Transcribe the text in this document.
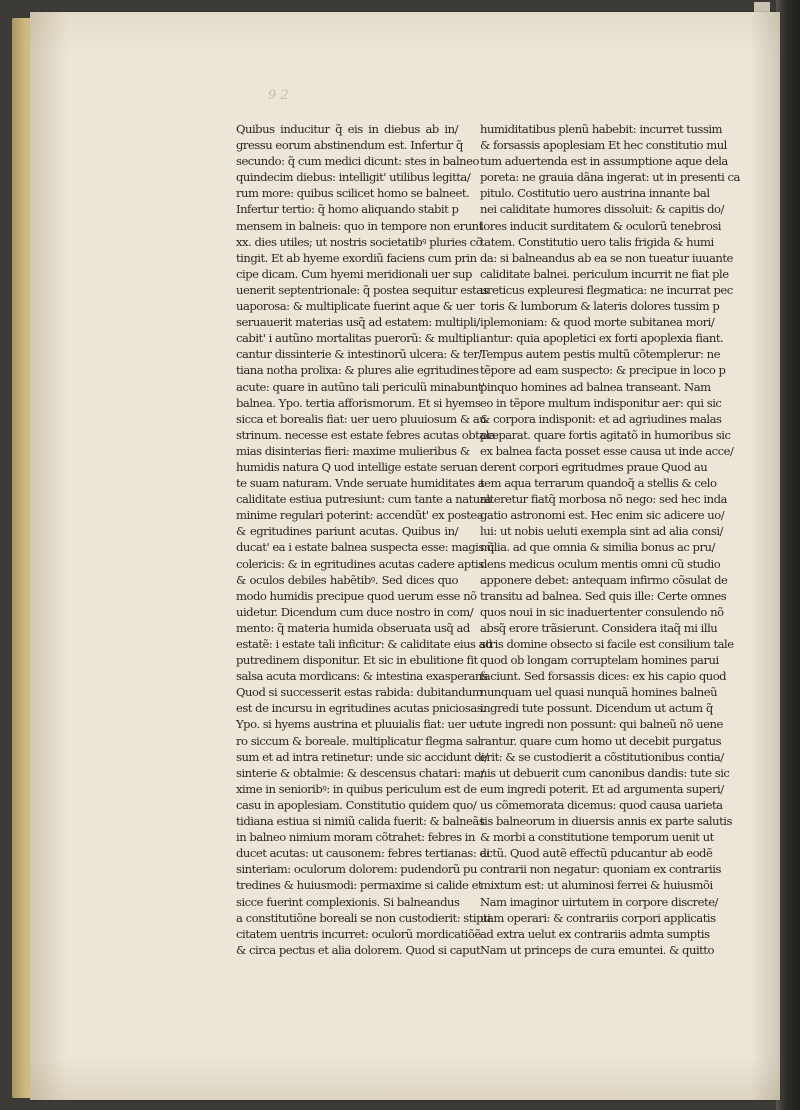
9 2
Quibus inducitur q̃ eis in diebus ab in/
gressu eorum abstinendum est. Infertur q̃
secundo: q̃ cum medici dicunt: stes in balneo
quindecim diebus: intelligit' utilibus legitta/
rum more: quibus scilicet homo se balneet.
Infertur tertio: q̃ homo aliquando stabit p
mensem in balneis: quo in tempore non erunt
xx. dies utiles; ut nostris societatibꝰ pluries cõ
tingit. Et ab hyeme exordiũ faciens cum prin
cipe dicam. Cum hyemi meridionali uer sup
uenerit septentrionale: q̃ postea sequitur estas
uaporosa: & multiplicate fuerint aque & uer
seruauerit materias usq̃ ad estatem: multipli/
cabit' i autũno mortalitas puerorũ: & multipli
cantur dissinterie & intestinorũ ulcera: & ter/
tiana notha prolixa: & plures alie egritudines
acute: quare in autũno tali periculũ minabunt'
balnea. Ypo. tertia afforismorum. Et si hyems
sicca et borealis fiat: uer uero pluuiosum & au
strinum. necesse est estate febres acutas obtala
mias disinterias fieri: maxime mulieribus &
humidis natura Q uod intellige estate seruan
te suam naturam. Vnde seruate humiditates a
caliditate estiua putresiunt: cum tante a natura
minime regulari poterint: accendũt' ex postea
& egritudines pariunt acutas. Quibus in/
ducat' ea i estate balnea suspecta esse: magis q̃
colericis: & in egritudines acutas cadere aptis
& oculos debiles habẽtibꝰ. Sed dices quo
modo humidis precipue quod uerum esse nõ
uidetur. Dicendum cum duce nostro in com/
mento: q̃ materia humida obseruata usq̃ ad
estatẽ: i estate tali inficitur: & caliditate eius ad
putredinem disponitur. Et sic in ebulitione fit
salsa acuta mordicans: & intestina exasperans
Quod si successerit estas rabida: dubitandum
est de incursu in egritudines acutas pniciosas.
Ypo. si hyems austrina et pluuialis fiat: uer ue
ro siccum & boreale. multiplicatur flegma sal
sum et ad intra retinetur: unde sic accidunt di/
sinterie & obtalmie: & descensus chatari: ma/
xime in senioribꝰ: in quibus periculum est de
casu in apoplesiam. Constitutio quidem quo/
tidiana estiua si nimiũ calida fuerit: & balneãs
in balneo nimium moram cõtrahet: febres in
ducet acutas: ut causonem: febres tertianas: di
sinteriam: oculorum dolorem: pudendorũ pu
tredines & huiusmodi: permaxime si calide et
sicce fuerint complexionis. Si balneandus
a constitutiõne boreali se non custodierit: stipti
citatem uentris incurret: oculorũ mordicatiõẽ
& circa pectus et alia dolorem. Quod si caput
humiditatibus plenũ habebit: incurret tussim
& forsassis apoplesiam Et hec constitutio mul
tum aduertenda est in assumptione aque dela
poreta: ne grauia dãna ingerat: ut in presenti ca
pitulo. Costitutio uero austrina innante bal
nei caliditate humores dissoluit: & capitis do/
lores inducit surditatem & oculorũ tenebrosi
tatem. Constitutio uero talis frigida & humi
da: si balneandus ab ea se non tueatur iuuante
caliditate balnei. periculum incurrit ne fiat ple
ureticus expleuresi flegmatica: ne incurrat pec
toris & lumborum & lateris dolores tussim p
iplemoniam: & quod morte subitanea mori/
antur: quia apopletici ex forti apoplexia fiant.
Tempus autem pestis multũ cõtemplerur: ne
tẽpore ad eam suspecto: & precipue in loco p
pinquo homines ad balnea transeant. Nam
eo in tẽpore multum indisponitur aer: qui sic
& corpora indisponit: et ad agriudines malas
preparat. quare fortis agitatõ in humoribus sic
ex balnea facta posset esse causa ut inde acce/
derent corpori egritudmes praue Quod au
tem aqua terrarum quandoq̃ a stellis & celo
alteretur fiatq̃ morbosa nõ nego: sed hec inda
gatio astronomi est. Hec enim sic adicere uo/
lui: ut nobis ueluti exempla sint ad alia consi/
milia. ad que omnia & similia bonus ac pru/
dens medicus oculum mentis omni cũ studio
apponere debet: antequam infirmo cõsulat de
transitu ad balnea. Sed quis ille: Certe omnes
quos noui in sic inaduertenter consulendo nõ
absq̃ erore trãsierunt. Considera itaq̃ mi illu
stris domine obsecto si facile est consilium tale
quod ob longam corruptelam homines parui
faciunt. Sed forsassis dices: ex his capio quod
nunquam uel quasi nunquã homines balneũ
ingredi tute possunt. Dicendum ut actum q̃
tute ingredi non possunt: qui balneũ nõ uene
rantur. quare cum homo ut decebit purgatus
erit: & se custodierit a cõstitutionibus contia/
nis ut debuerit cum canonibus dandis: tute sic
eum ingredi poterit. Et ad argumenta superi/
us cõmemorata dicemus: quod causa uarieta
tis balneorum in diuersis annis ex parte salutis
& morbi a constitutione temporum uenit ut
actũ. Quod autẽ effectũ pducantur ab eodẽ
contrarii non negatur: quoniam ex contrariis
mixtum est: ut aluminosi ferrei & huiusmõi
Nam imaginor uirtutem in corpore discrete/
uam operari: & contrariis corpori applicatis
ad extra uelut ex contrariis admta sumptis
Nam ut princeps de cura emuntei. & quitto
